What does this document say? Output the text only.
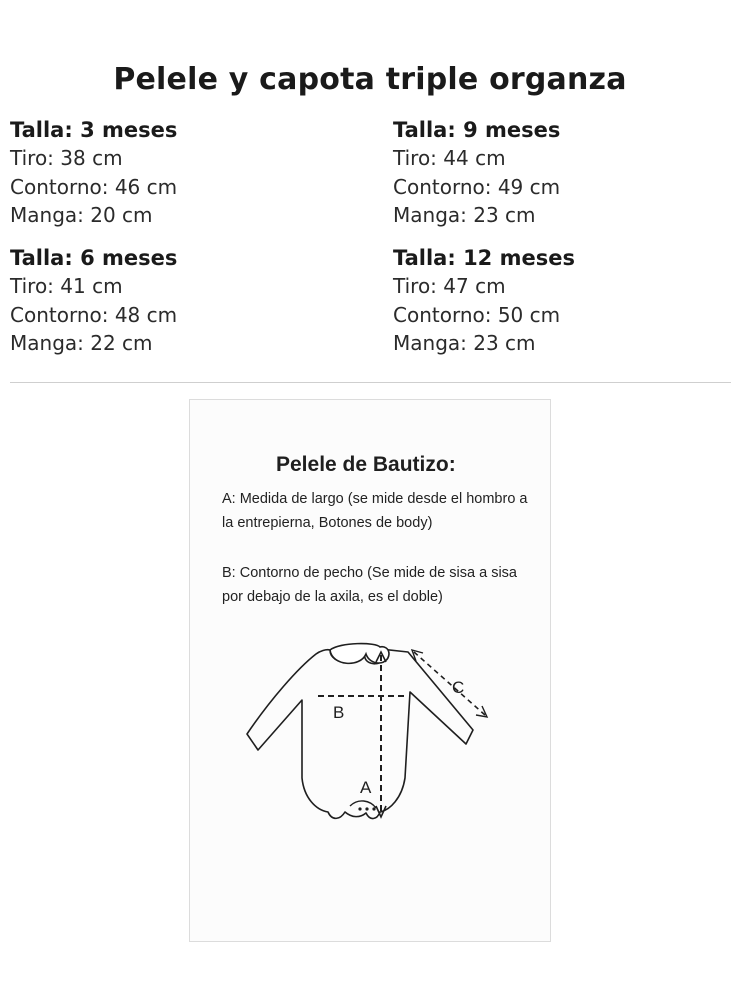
Pelele y capota triple organza

Talla: 3 meses

Tiro: 38 cm

Contorno: 46 cm

Manga: 20 cm

Talla: 9 meses

Tiro: 44 cm

Contorno: 49 cm

Manga: 23 cm

Talla: 6 meses

Tiro: 41 cm

Contorno: 48 cm

Manga: 22 cm

Talla: 12 meses

Tiro: 47 cm

Contorno: 50 cm

Manga: 23 cm

Pelele de Bautizo:

A: Medida de largo (se mide desde el hombro a la entrepierna, Botones de body)

B: Contorno de pecho (Se mide de sisa a sisa por debajo de la axila, es el doble)

B
A
C
